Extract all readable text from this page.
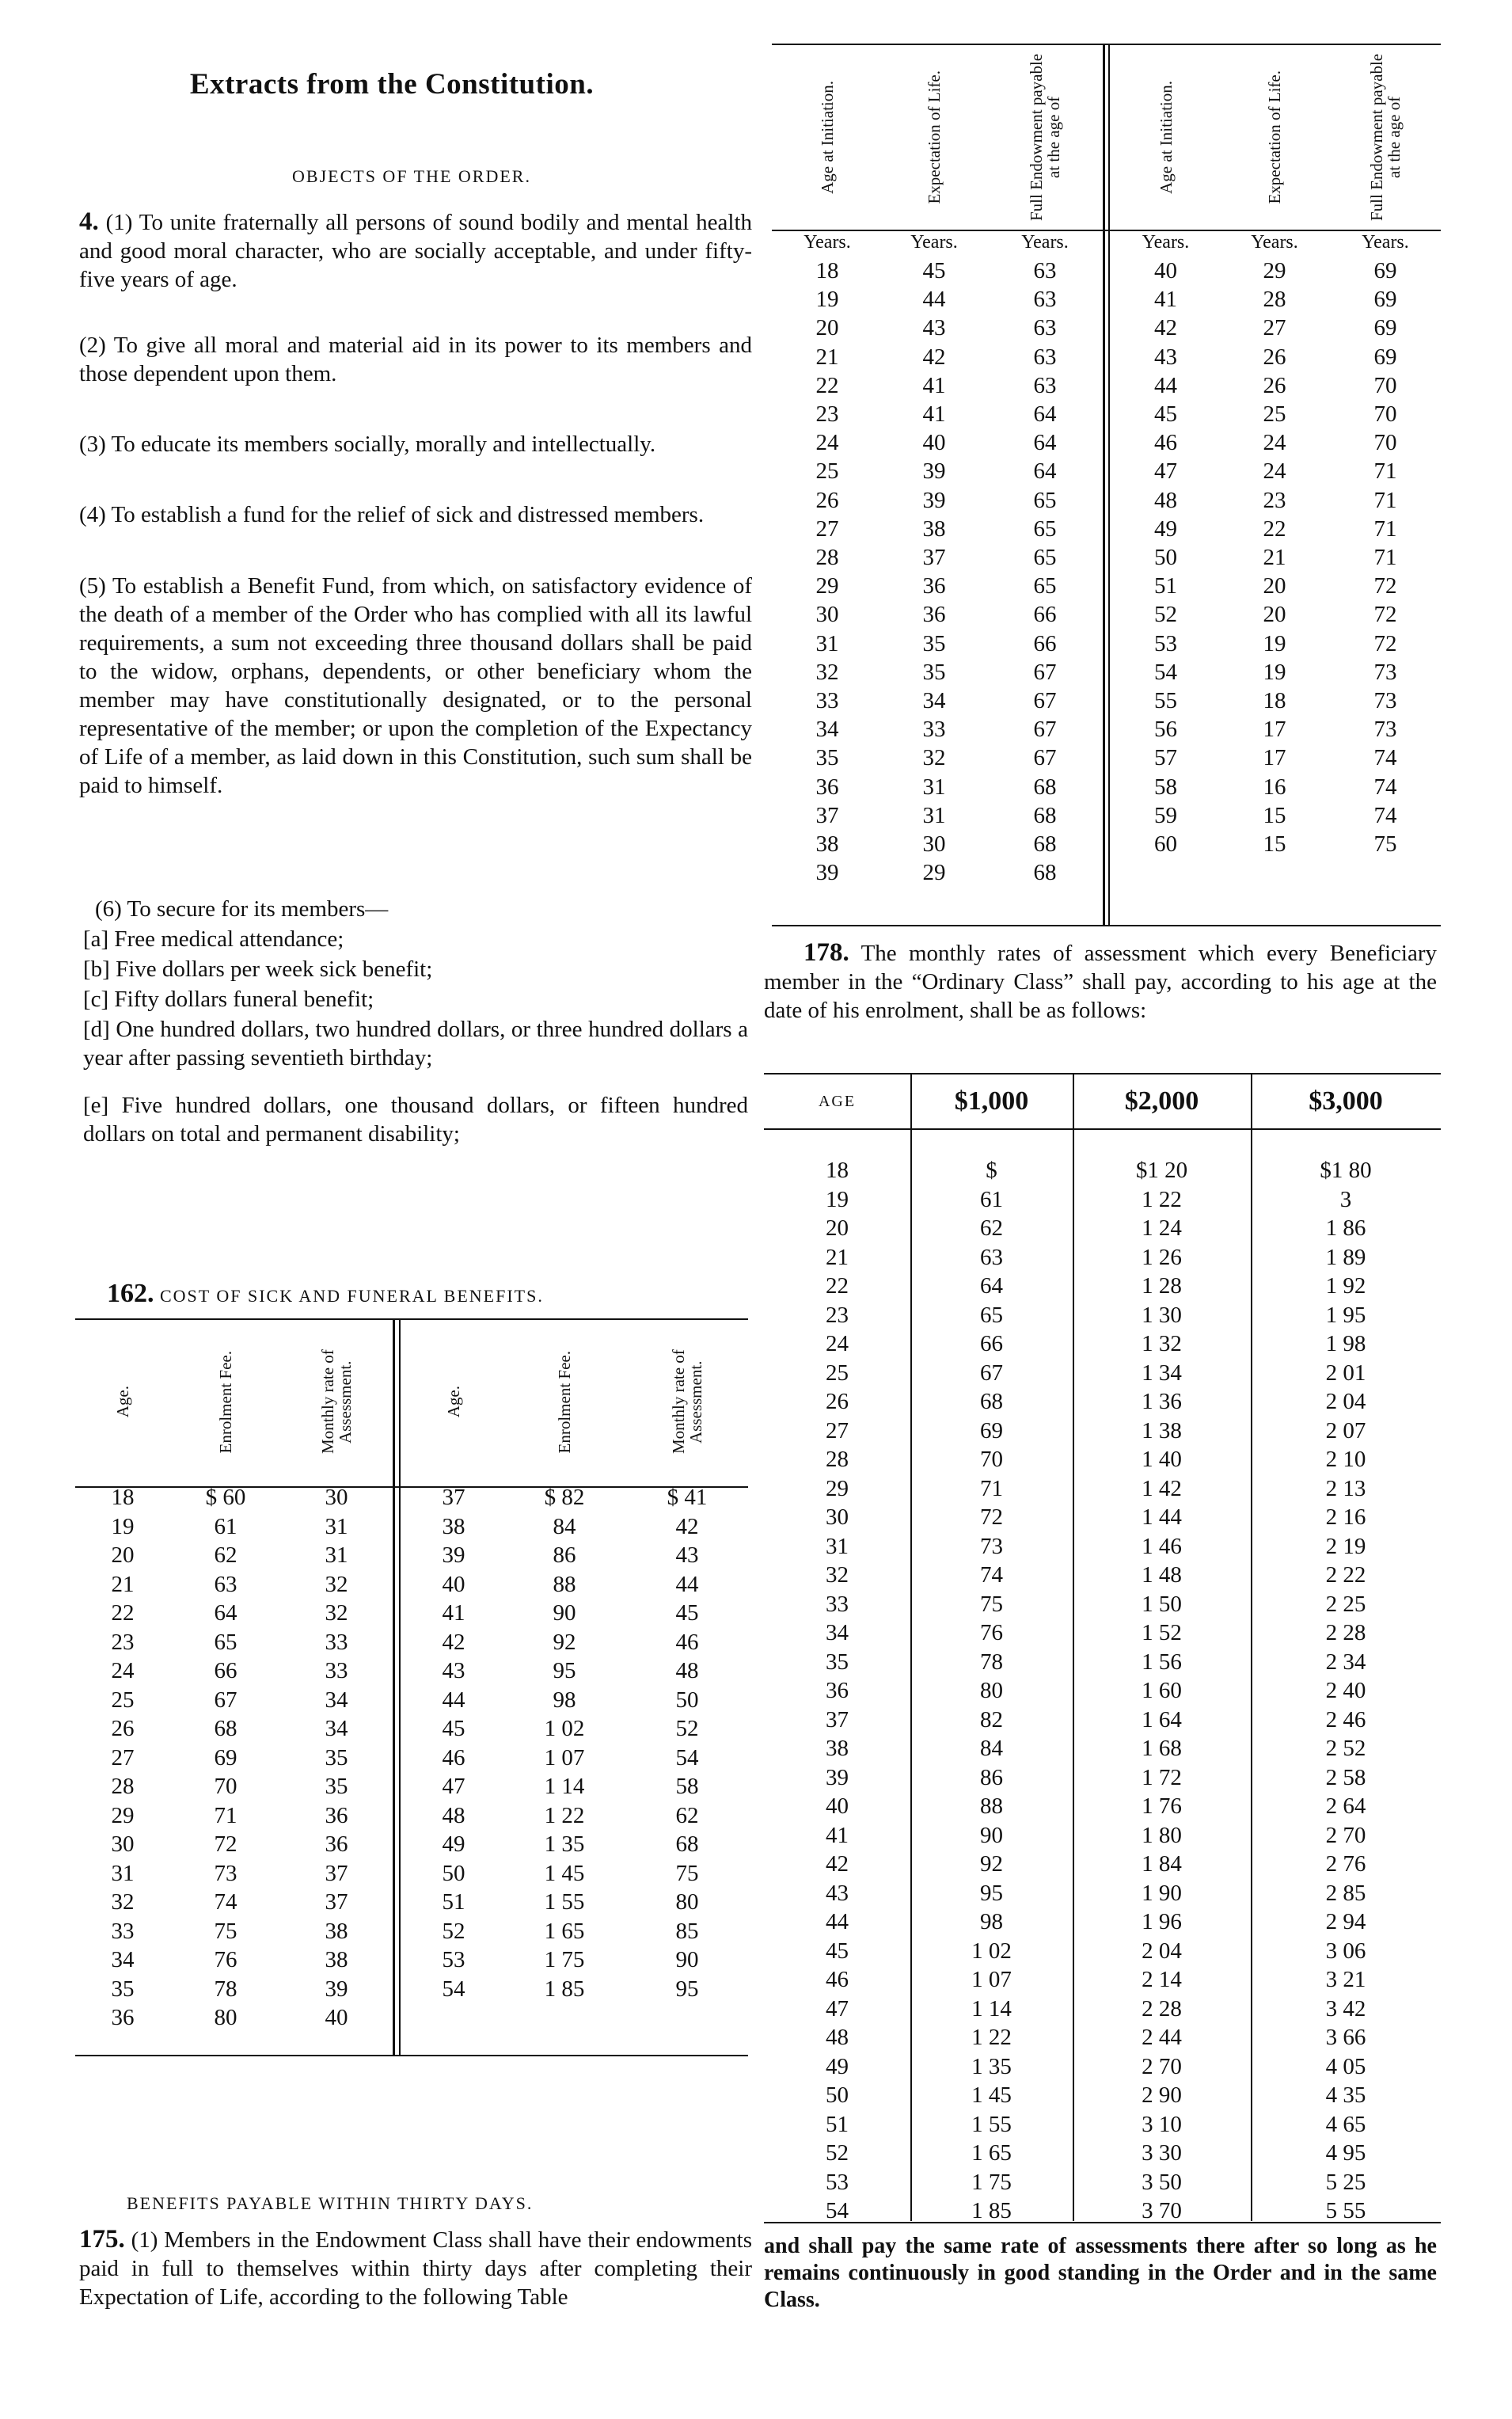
Extracts from the Constitution.
OBJECTS OF THE ORDER.

4. (1) To unite fraternally all persons of sound bodily and mental health and good moral character, who are socially acceptable, and under fifty-five years of age.

(2) To give all moral and material aid in its power to its members and those dependent upon them.

(3) To educate its members socially, morally and intellectually.

(4) To establish a fund for the relief of sick and distressed members.

(5) To establish a Benefit Fund, from which, on satisfactory evidence of the death of a member of the Order who has complied with all its lawful requirements, a sum not exceeding three thousand dollars shall be paid to the widow, orphans, dependents, or other beneficiary whom the member may have constitutionally designated, or to the personal representative of the member; or upon the completion of the Expectancy of Life of a member, as laid down in this Constitution, such sum shall be paid to himself.

(6) To secure for its members—

[a] Free medical attendance;

[b] Five dollars per week sick benefit;

[c] Fifty dollars funeral benefit;

[d] One hundred dollars, two hundred dollars, or three hundred dollars a year after passing seventieth birthday;

[e] Five hundred dollars, one thousand dollars, or fifteen hundred dollars on total and permanent disability;

162. COST OF SICK AND FUNERAL BENEFITS.
Age.	Enrolment Fee.	Monthly rate of Assessment.

18	$ 60	30
19	61	31
20	62	31
21	63	32
22	64	32
23	65	33
24	66	33
25	67	34
26	68	34
27	69	35
28	70	35
29	71	36
30	72	36
31	73	37
32	74	37
33	75	38
34	76	38
35	78	39
36	80	40
Age.	Enrolment Fee.	Monthly rate of Assessment.

37	$ 82	$ 41
38	84	42
39	86	43
40	88	44
41	90	45
42	92	46
43	95	48
44	98	50
45	1 02	52
46	1 07	54
47	1 14	58
48	1 22	62
49	1 35	68
50	1 45	75
51	1 55	80
52	1 65	85
53	1 75	90
54	1 85	95
BENEFITS PAYABLE WITHIN THIRTY DAYS.

175. (1) Members in the Endowment Class shall have their endowments paid in full to themselves within thirty days after completing their Expectation of Life, according to the following Table

Age at Initiation.	Expectation of Life.	Full Endowment payable at the age of

Years.	Years.	Years.
18	45	63
19	44	63
20	43	63
21	42	63
22	41	63
23	41	64
24	40	64
25	39	64
26	39	65
27	38	65
28	37	65
29	36	65
30	36	66
31	35	66
32	35	67
33	34	67
34	33	67
35	32	67
36	31	68
37	31	68
38	30	68
39	29	68
Age at Initiation.	Expectation of Life.	Full Endowment payable at the age of

Years.	Years.	Years.
40	29	69
41	28	69
42	27	69
43	26	69
44	26	70
45	25	70
46	24	70
47	24	71
48	23	71
49	22	71
50	21	71
51	20	72
52	20	72
53	19	72
54	19	73
55	18	73
56	17	73
57	17	74
58	16	74
59	15	74
60	15	75

178. The monthly rates of assessment which every Beneficiary member in the “Ordinary Class” shall pay, according to his age at the date of his enrolment, shall be as follows:

AGE	$1,000	$2,000	$3,000

18	$	$1 20	$1 80
19	61	1 22	3
20	62	1 24	1 86
21	63	1 26	1 89
22	64	1 28	1 92
23	65	1 30	1 95
24	66	1 32	1 98
25	67	1 34	2 01
26	68	1 36	2 04
27	69	1 38	2 07
28	70	1 40	2 10
29	71	1 42	2 13
30	72	1 44	2 16
31	73	1 46	2 19
32	74	1 48	2 22
33	75	1 50	2 25
34	76	1 52	2 28
35	78	1 56	2 34
36	80	1 60	2 40
37	82	1 64	2 46
38	84	1 68	2 52
39	86	1 72	2 58
40	88	1 76	2 64
41	90	1 80	2 70
42	92	1 84	2 76
43	95	1 90	2 85
44	98	1 96	2 94
45	1 02	2 04	3 06
46	1 07	2 14	3 21
47	1 14	2 28	3 42
48	1 22	2 44	3 66
49	1 35	2 70	4 05
50	1 45	2 90	4 35
51	1 55	3 10	4 65
52	1 65	3 30	4 95
53	1 75	3 50	5 25
54	1 85	3 70	5 55

and shall pay the same rate of assessments there after so long as he remains continuously in good standing in the Order and in the same Class.
